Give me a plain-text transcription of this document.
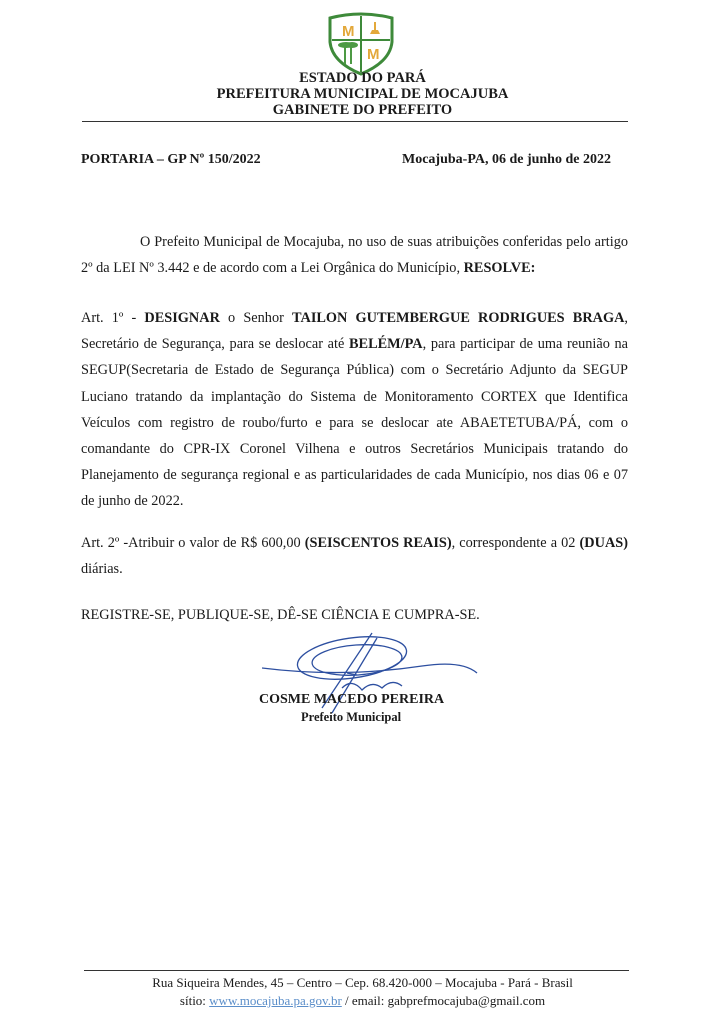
M
M
ESTADO DO PARÁ
PREFEITURA MUNICIPAL DE MOCAJUBA
GABINETE DO PREFEITO
PORTARIA – GP Nº 150/2022	Mocajuba-PA, 06 de junho de 2022
O Prefeito Municipal de Mocajuba, no uso de suas atribuições conferidas pelo artigo 2º da LEI Nº 3.442 e de acordo com a Lei Orgânica do Município, RESOLVE:
Art. 1º - DESIGNAR o Senhor TAILON GUTEMBERGUE RODRIGUES BRAGA, Secretário de Segurança, para se deslocar até BELÉM/PA, para participar de uma reunião na SEGUP(Secretaria de Estado de Segurança Pública) com o Secretário Adjunto da SEGUP Luciano tratando da implantação do Sistema de Monitoramento CORTEX que Identifica Veículos com registro de roubo/furto e para se deslocar ate ABAETETUBA/PÁ, com o comandante do CPR-IX Coronel Vilhena e outros Secretários Municipais tratando do Planejamento de segurança regional e as particularidades de cada Município, nos dias 06 e 07 de junho de 2022.
Art. 2º -Atribuir o valor de R$ 600,00 (SEISCENTOS REAIS), correspondente a 02 (DUAS) diárias.
REGISTRE-SE, PUBLIQUE-SE, DÊ-SE CIÊNCIA E CUMPRA-SE.
COSME MACEDO PEREIRA
Prefeito Municipal
Rua Siqueira Mendes, 45 – Centro – Cep. 68.420-000 – Mocajuba - Pará - Brasil
sítio: www.mocajuba.pa.gov.br / email: gabprefmocajuba@gmail.com
